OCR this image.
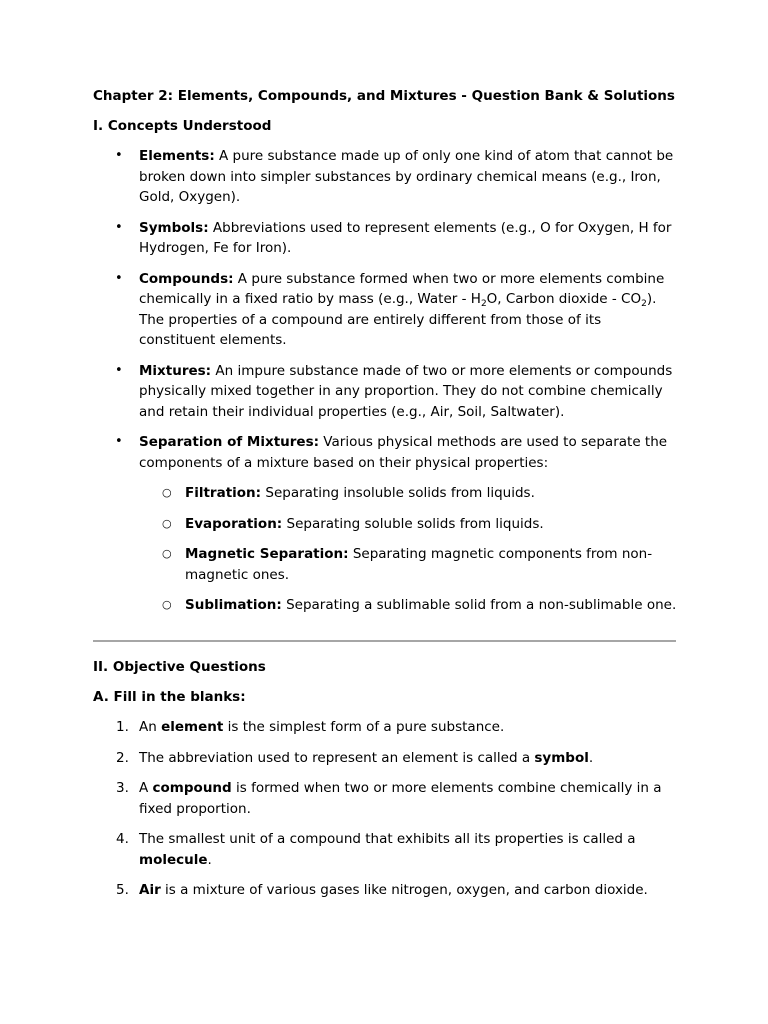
Chapter 2: Elements, Compounds, and Mixtures - Question Bank & Solutions

I. Concepts Understood

• Elements: A pure substance made up of only one kind of atom that cannot be broken down into simpler substances by ordinary chemical means (e.g., Iron, Gold, Oxygen).
• Symbols: Abbreviations used to represent elements (e.g., O for Oxygen, H for Hydrogen, Fe for Iron).
• Compounds: A pure substance formed when two or more elements combine chemically in a fixed ratio by mass (e.g., Water - $H_2O$, Carbon dioxide - $CO_2$). The properties of a compound are entirely different from those of its constituent elements.
• Mixtures: An impure substance made of two or more elements or compounds physically mixed together in any proportion. They do not combine chemically and retain their individual properties (e.g., Air, Soil, Saltwater).
• Separation of Mixtures: Various physical methods are used to separate the components of a mixture based on their physical properties:
○ Filtration: Separating insoluble solids from liquids.
○ Evaporation: Separating soluble solids from liquids.
○ Magnetic Separation: Separating magnetic components from non-magnetic ones.
○ Sublimation: Separating a sublimable solid from a non-sublimable one.

II. Objective Questions

A. Fill in the blanks:

1. An element is the simplest form of a pure substance.
2. The abbreviation used to represent an element is called a symbol.
3. A compound is formed when two or more elements combine chemically in a fixed proportion.
4. The smallest unit of a compound that exhibits all its properties is called a molecule.
5. Air is a mixture of various gases like nitrogen, oxygen, and carbon dioxide.
